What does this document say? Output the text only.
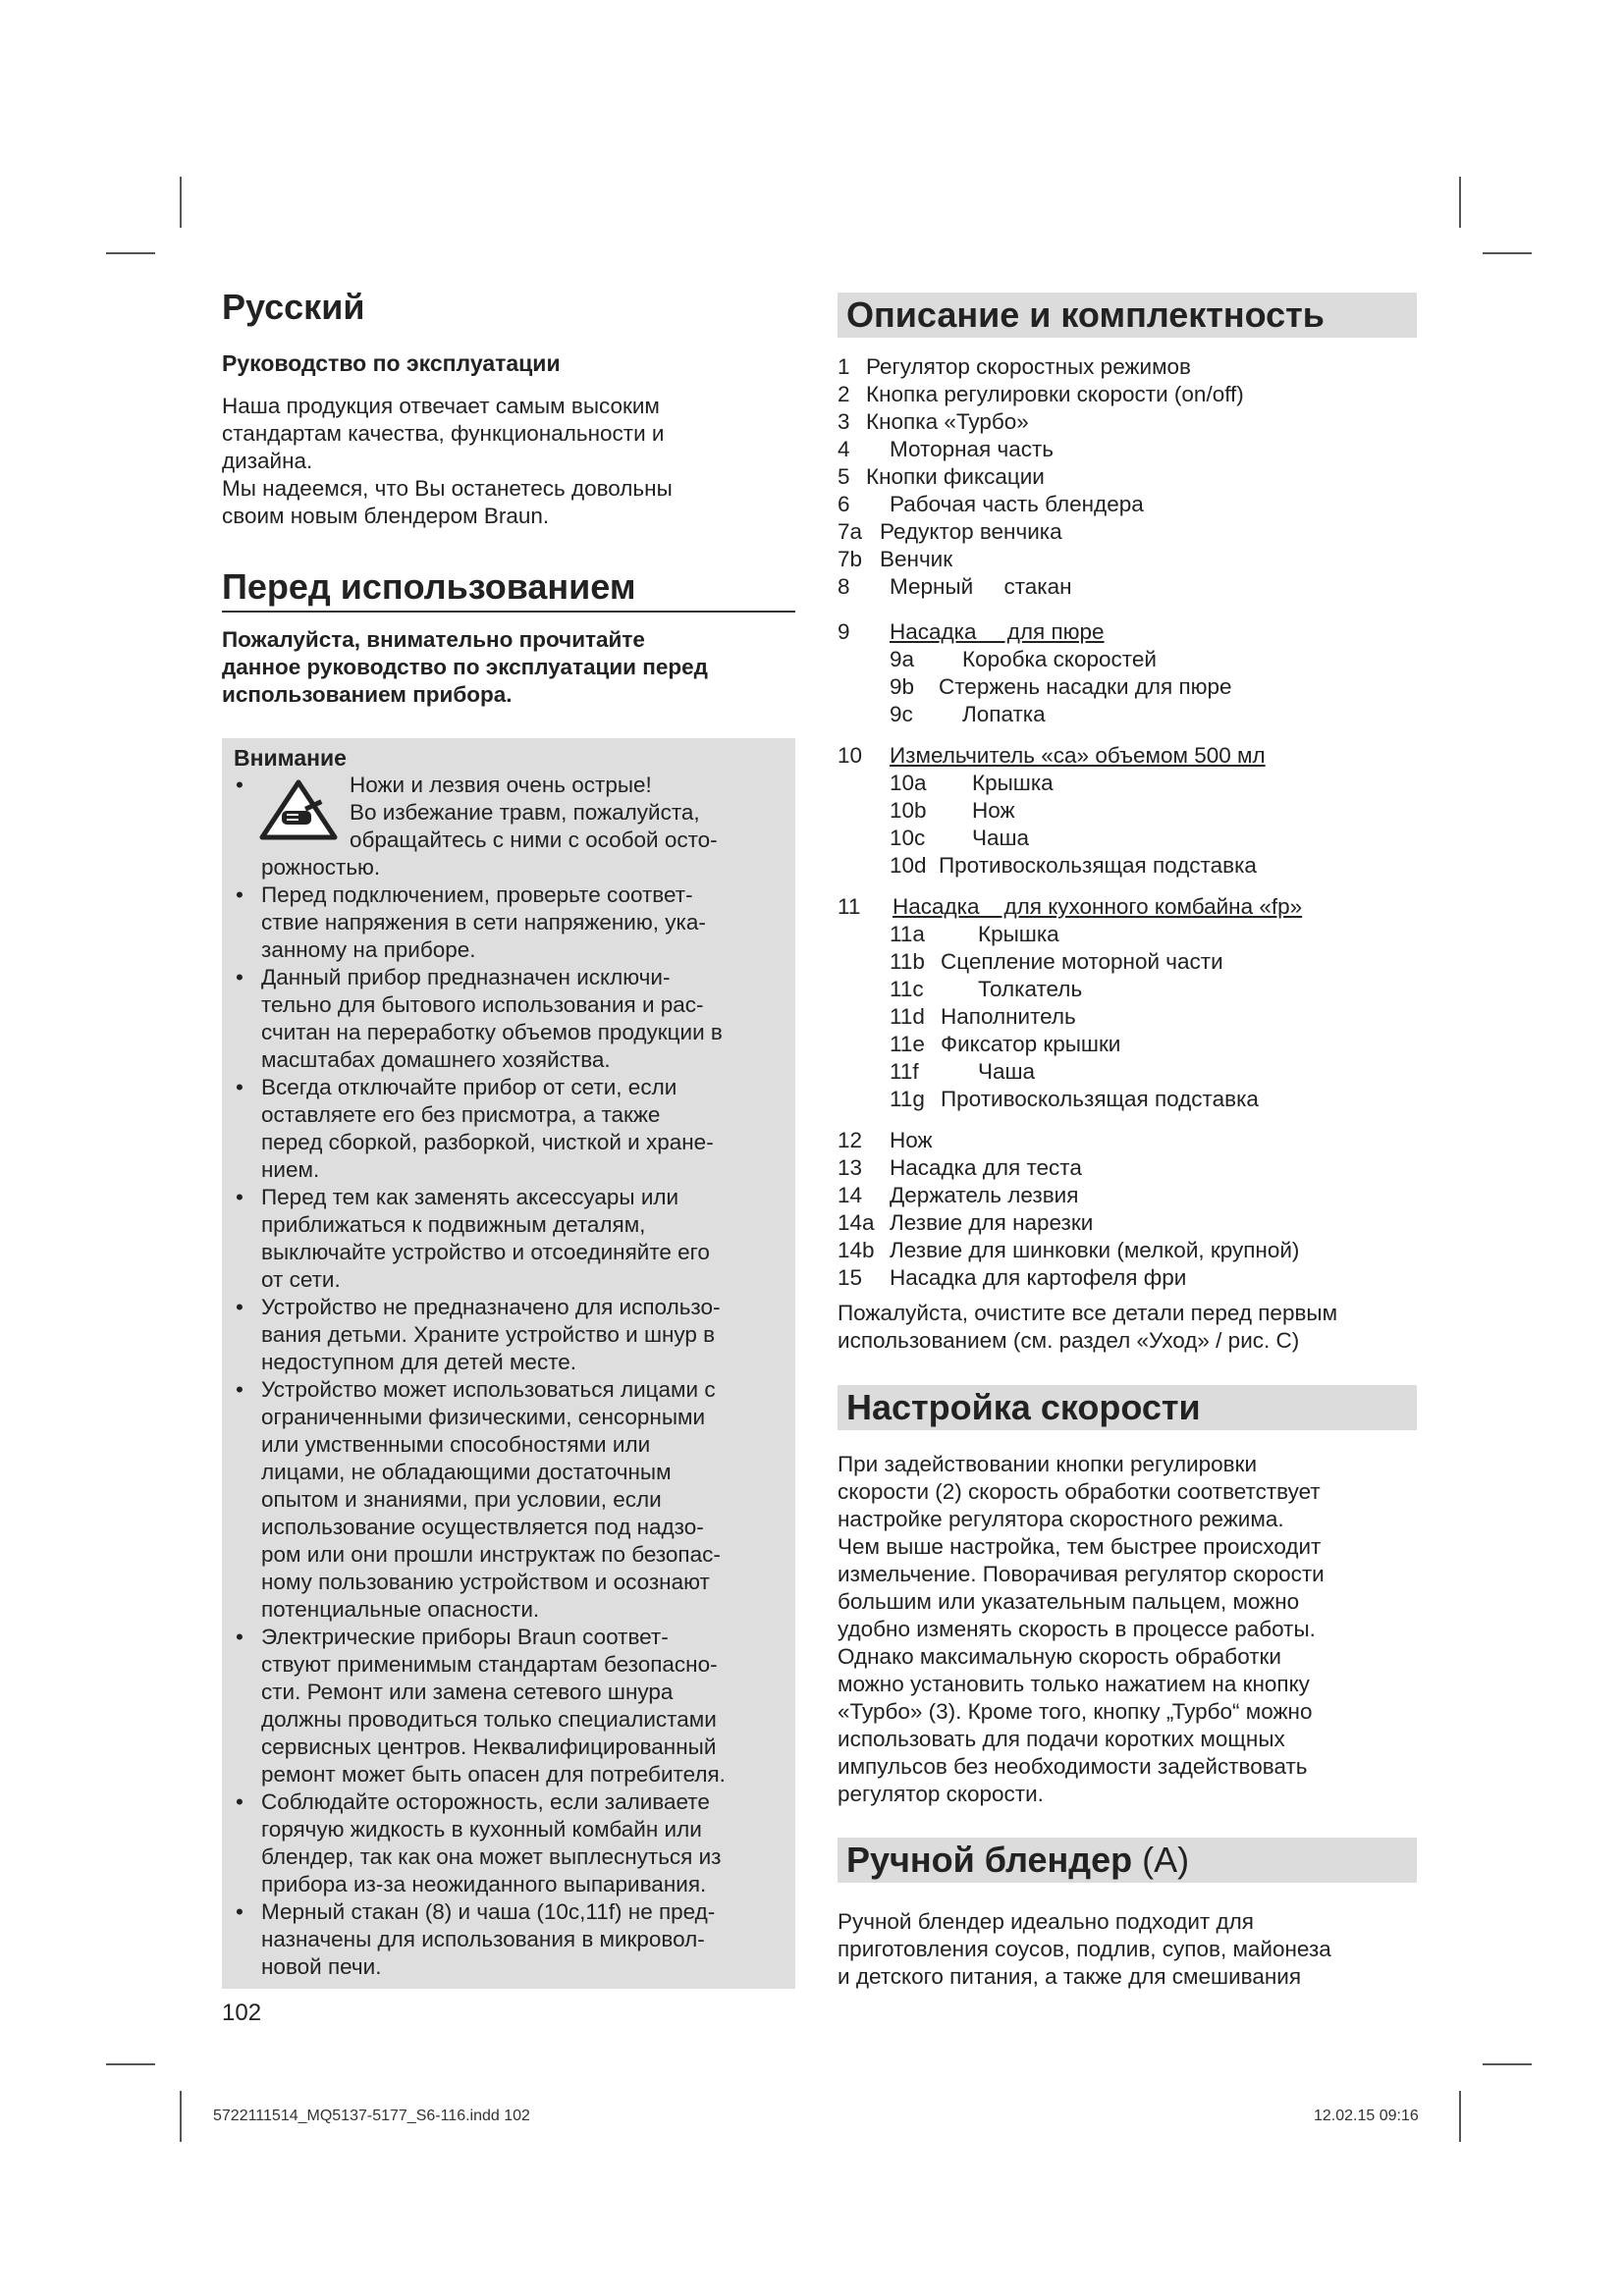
Русский
Руководство по эксплуатации
Наша продукция отвечает самым высоким
стандартам качества, функциональности и
дизайна.
Мы надеемся, что Вы останетесь довольны
своим новым блендером Braun.
Перед использованием
Пожалуйста, внимательно прочитайте
данное руководство по эксплуатации перед
использованием прибора.
Внимание
•	Ножи и лезвия очень острые!
Во избежание травм, пожалуйста,
обращайтесь с ними с особой осто-
рожностью.
• Перед подключением, проверьте соответ-
ствие напряжения в сети напряжению, ука-
занному на приборе.
• Данный прибор предназначен исключи-
тельно для бытового использования и рас-
считан на переработку объемов продукции в
масштабах домашнего хозяйства.
• Всегда отключайте прибор от сети, если
оставляете его без присмотра, а также
перед сборкой, разборкой, чисткой и хране-
нием.
• Перед тем как заменять аксессуары или
приближаться к подвижным деталям,
выключайте устройство и отсоединяйте его
от сети.
• Устройство не предназначено для использо-
вания детьми. Храните устройство и шнур в
недоступном для детей месте.
• Устройство может использоваться лицами с
ограниченными физическими, сенсорными
или умственными способностями или
лицами, не обладающими достаточным
опытом и знаниями, при условии, если
использование осуществляется под надзо-
ром или они прошли инструктаж по безопас-
ному пользованию устройством и осознают
потенциальные опасности.
• Электрические приборы Braun соответ-
ствуют применимым стандартам безопасно-
сти. Ремонт или замена сетевого шнура
должны проводиться только специалистами
сервисных центров. Неквалифицированный
ремонт может быть опасен для потребителя.
• Соблюдайте осторожность, если заливаете
горячую жидкость в кухонный комбайн или
блендер, так как она может выплеснуться из
прибора из-за неожиданного выпаривания.
• Мерный стакан (8) и чаша (10c,11f) не пред-
назначены для использования в микровол-
новой печи.
102
Описание и комплектность
1 Регулятор скоростных режимов
2 Кнопка регулировки скорости (on/off)
3 Кнопка «Турбо»
4 Моторная часть
5 Кнопки фиксации
6 Рабочая часть блендера
7a Редуктор венчика
7b Венчик
8 Мерный     стакан
9 Насадка     для пюре
9a Коробка скоростей
9b Стержень насадки для пюре
9c Лопатка
10 Измельчитель «ca» объемом 500 мл
10a Крышка
10b Нож
10c Чаша
10d Противоскользящая подставка
11 Насадка    для кухонного комбайна «fp»
11a Крышка
11b Сцепление моторной части
11c Толкатель
11d Наполнитель
11e Фиксатор крышки
11f	Чаша
11g Противоскользящая подставка
12 Нож
13 Насадка для теста
14 Держатель лезвия
14a Лезвие для нарезки
14b Лезвие для шинковки (мелкой, крупной)
15 Насадка для картофеля фри
Пожалуйста, очистите все детали перед первым
использованием (см. раздел «Уход» / рис. C)
Настройка скорости
При задействовании кнопки регулировки
скорости (2) скорость обработки соответствует
настройке регулятора скоростного режима.
Чем выше настройка, тем быстрее происходит
измельчение. Поворачивая регулятор скорости
большим или указательным пальцем, можно
удобно изменять скорость в процессе работы.
Однако максимальную скорость обработки
можно установить только нажатием на кнопку
«Турбо» (3). Кроме того, кнопку „Турбо“ можно
использовать для подачи коротких мощных
импульсов без необходимости задействовать
регулятор скорости.
Ручной блендер (A)
Ручной блендер идеально подходит для
приготовления соусов, подлив, супов, майонеза
и детского питания, а также для смешивания
5722111514_MQ5137-5177_S6-116.indd 102	12.02.15 09:16
